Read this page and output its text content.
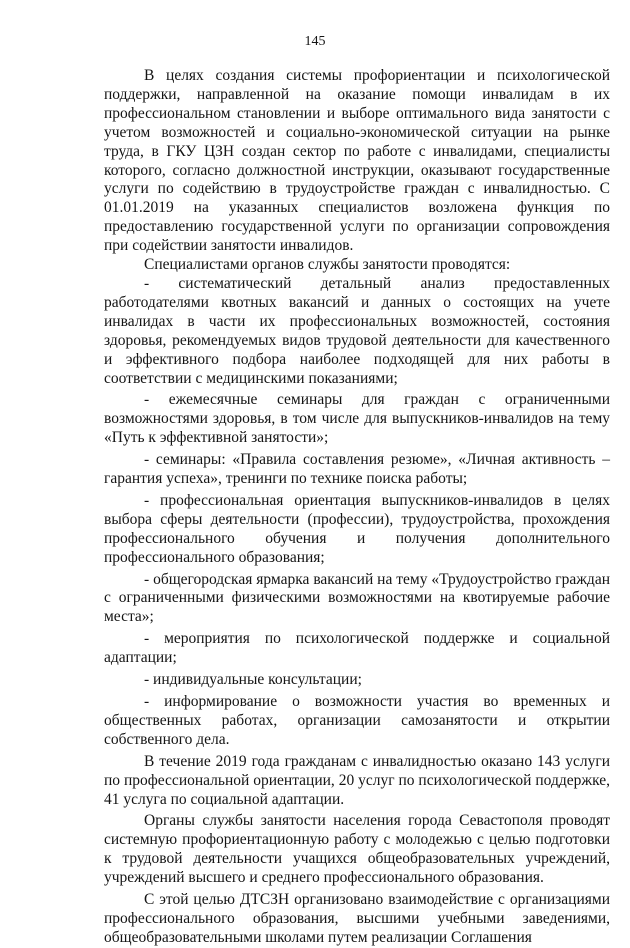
145

В целях создания системы профориентации и психологической поддержки, направленной на оказание помощи инвалидам в их профессиональном становлении и выборе оптимального вида занятости с учетом возможностей и социально-экономической ситуации на рынке труда, в ГКУ ЦЗН создан сектор по работе с инвалидами, специалисты которого, согласно должностной инструкции, оказывают государственные услуги по содействию в трудоустройстве граждан с инвалидностью. С 01.01.2019 на указанных специалистов возложена функция по предоставлению государственной услуги по организации сопровождения при содействии занятости инвалидов.

Специалистами органов службы занятости проводятся:

- систематический детальный анализ предоставленных работодателями квотных вакансий и данных о состоящих на учете инвалидах в части их профессиональных возможностей, состояния здоровья, рекомендуемых видов трудовой деятельности для качественного и эффективного подбора наиболее подходящей для них работы в соответствии с медицинскими показаниями;

- ежемесячные семинары для граждан с ограниченными возможностями здоровья, в том числе для выпускников-инвалидов на тему «Путь к эффективной занятости»;

- семинары: «Правила составления резюме», «Личная активность – гарантия успеха», тренинги по технике поиска работы;

- профессиональная ориентация выпускников-инвалидов в целях выбора сферы деятельности (профессии), трудоустройства, прохождения профессионального обучения и получения дополнительного профессионального образования;

- общегородская ярмарка вакансий на тему «Трудоустройство граждан с ограниченными физическими возможностями на квотируемые рабочие места»;

- мероприятия по психологической поддержке и социальной адаптации;

- индивидуальные консультации;

- информирование о возможности участия во временных и общественных работах, организации самозанятости и открытии собственного дела.

В течение 2019 года гражданам с инвалидностью оказано 143 услуги по профессиональной ориентации, 20 услуг по психологической поддержке, 41 услуга по социальной адаптации.

Органы службы занятости населения города Севастополя проводят системную профориентационную работу с молодежью с целью подготовки к трудовой деятельности учащихся общеобразовательных учреждений, учреждений высшего и среднего профессионального образования.

С этой целью ДТСЗН организовано взаимодействие с организациями профессионального образования, высшими учебными заведениями, общеобразовательными школами путем реализации Соглашения
